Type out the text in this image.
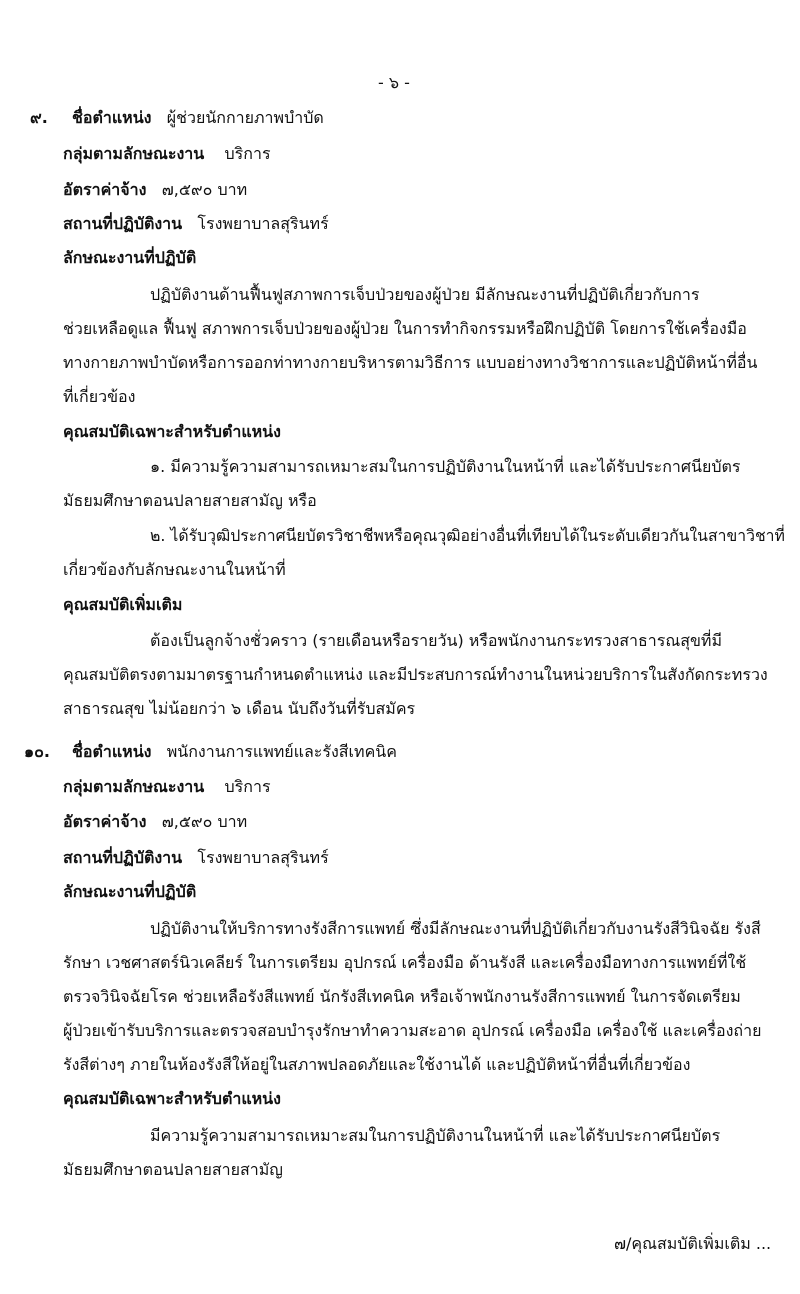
- ๖ -
๙. ชื่อตำแหน่ง ผู้ช่วยนักกายภาพบำบัด
กลุ่มตามลักษณะงาน บริการ
อัตราค่าจ้าง ๗,๕๙๐ บาท
สถานที่ปฏิบัติงาน โรงพยาบาลสุรินทร์
ลักษณะงานที่ปฏิบัติ
ปฏิบัติงานด้านฟื้นฟูสภาพการเจ็บป่วยของผู้ป่วย มีลักษณะงานที่ปฏิบัติเกี่ยวกับการ
ช่วยเหลือดูแล ฟื้นฟู สภาพการเจ็บป่วยของผู้ป่วย ในการทำกิจกรรมหรือฝึกปฏิบัติ โดยการใช้เครื่องมือ
ทางกายภาพบำบัดหรือการออกท่าทางกายบริหารตามวิธีการ แบบอย่างทางวิชาการและปฏิบัติหน้าที่อื่น
ที่เกี่ยวข้อง
คุณสมบัติเฉพาะสำหรับตำแหน่ง
๑. มีความรู้ความสามารถเหมาะสมในการปฏิบัติงานในหน้าที่ และได้รับประกาศนียบัตร
มัธยมศึกษาตอนปลายสายสามัญ หรือ
๒. ได้รับวุฒิประกาศนียบัตรวิชาชีพหรือคุณวุฒิอย่างอื่นที่เทียบได้ในระดับเดียวกันในสาขาวิชาที่
เกี่ยวข้องกับลักษณะงานในหน้าที่
คุณสมบัติเพิ่มเติม
ต้องเป็นลูกจ้างชั่วคราว (รายเดือนหรือรายวัน) หรือพนักงานกระทรวงสาธารณสุขที่มี
คุณสมบัติตรงตามมาตรฐานกำหนดตำแหน่ง และมีประสบการณ์ทำงานในหน่วยบริการในสังกัดกระทรวง
สาธารณสุข ไม่น้อยกว่า ๖ เดือน นับถึงวันที่รับสมัคร
๑๐. ชื่อตำแหน่ง พนักงานการแพทย์และรังสีเทคนิค
กลุ่มตามลักษณะงาน บริการ
อัตราค่าจ้าง ๗,๕๙๐ บาท
สถานที่ปฏิบัติงาน โรงพยาบาลสุรินทร์
ลักษณะงานที่ปฏิบัติ
ปฏิบัติงานให้บริการทางรังสีการแพทย์ ซึ่งมีลักษณะงานที่ปฏิบัติเกี่ยวกับงานรังสีวินิจฉัย รังสี
รักษา เวชศาสตร์นิวเคลียร์ ในการเตรียม อุปกรณ์ เครื่องมือ ด้านรังสี และเครื่องมือทางการแพทย์ที่ใช้
ตรวจวินิจฉัยโรค ช่วยเหลือรังสีแพทย์ นักรังสีเทคนิค หรือเจ้าพนักงานรังสีการแพทย์ ในการจัดเตรียม
ผู้ป่วยเข้ารับบริการและตรวจสอบบำรุงรักษาทำความสะอาด อุปกรณ์ เครื่องมือ เครื่องใช้ และเครื่องถ่าย
รังสีต่างๆ ภายในห้องรังสีให้อยู่ในสภาพปลอดภัยและใช้งานได้ และปฏิบัติหน้าที่อื่นที่เกี่ยวข้อง
คุณสมบัติเฉพาะสำหรับตำแหน่ง
มีความรู้ความสามารถเหมาะสมในการปฏิบัติงานในหน้าที่ และได้รับประกาศนียบัตร
มัธยมศึกษาตอนปลายสายสามัญ
๗/คุณสมบัติเพิ่มเติม ...
